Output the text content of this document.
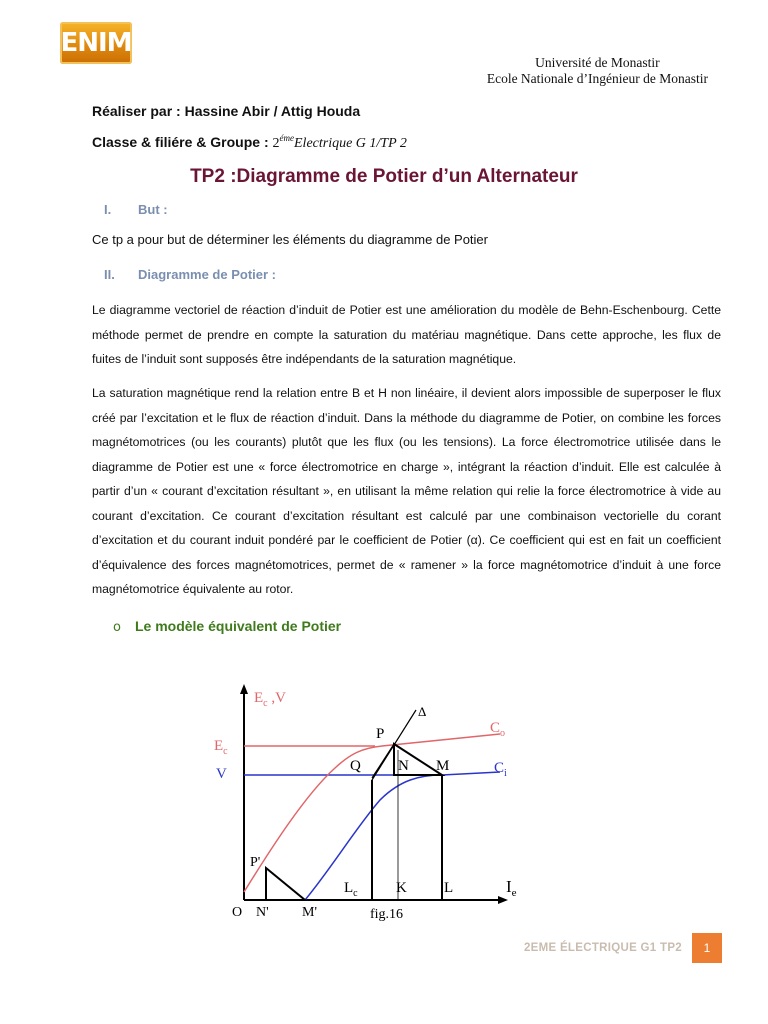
ENIM
Université de Monastir
Ecole Nationale d’Ingénieur de Monastir
Réaliser par : Hassine Abir / Attig Houda
Classe & filiére & Groupe : $2^{éme}Electrique$ G 1/TP 2
TP2 :Diagramme de Potier d’un Alternateur
I. But :
Ce tp a pour but de déterminer les éléments du diagramme de Potier
II. Diagramme de Potier :
Le diagramme vectoriel de réaction d’induit de Potier est une amélioration du modèle de Behn-Eschenbourg. Cette méthode permet de prendre en compte la saturation du matériau magnétique. Dans cette approche, les flux de fuites de l’induit sont supposés être indépendants de la saturation magnétique.
La saturation magnétique rend la relation entre B et H non linéaire, il devient alors impossible de superposer le flux créé par l’excitation et le flux de réaction d’induit. Dans la méthode du diagramme de Potier, on combine les forces magnétomotrices (ou les courants) plutôt que les flux (ou les tensions). La force électromotrice utilisée dans le diagramme de Potier est une « force électromotrice en charge », intégrant la réaction d’induit. Elle est calculée à partir d’un « courant d’excitation résultant », en utilisant la même relation qui relie la force électromotrice à vide au courant d’excitation. Ce courant d’excitation résultant est calculé par une combinaison vectorielle du corant d’excitation et du courant induit pondéré par le coefficient de Potier (α). Ce coefficient qui est en fait un coefficient d’équivalence des forces magnétomotrices, permet de « ramener » la force magnétomotrice d’induit à une force magnétomotrice équivalente au rotor.
o Le modèle équivalent de Potier
$E_c$ ,V
$E_c$
V
$C_o$
$C_i$
Δ
P
Q N M
P'
O N' M'
$L_c$	K L	$I_e$
fig.16
2EME ÉLECTRIQUE G1 TP2	1
